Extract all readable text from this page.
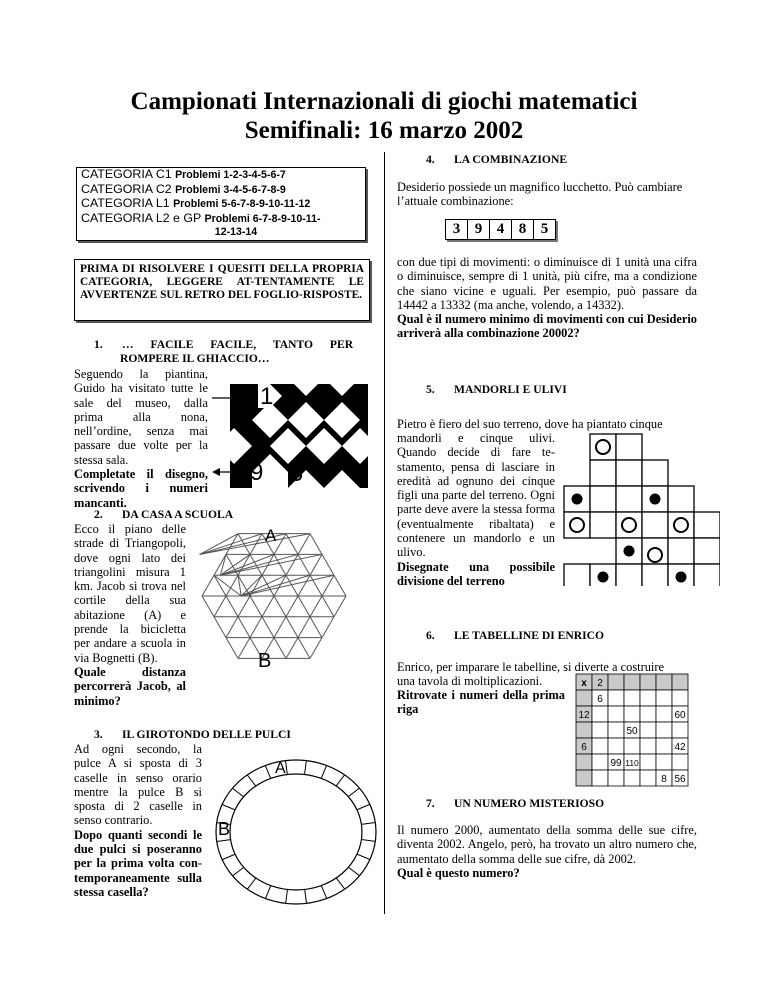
Campionati Internazionali di giochi matematici
Semifinali: 16 marzo 2002
CATEGORIA C1 Problemi 1-2-3-4-5-6-7
CATEGORIA C2 Problemi 3-4-5-6-7-8-9
CATEGORIA L1 Problemi 5-6-7-8-9-10-11-12
CATEGORIA L2 e GP Problemi 6-7-8-9-10-11-
12-13-14
PRIMA DI RISOLVERE I QUESITI DELLA PROPRIA CATEGORIA, LEGGERE AT-TENTAMENTE LE AVVERTENZE SUL RETRO DEL FOGLIO-RISPOSTE.
1. … FACILE FACILE, TANTO PER
ROMPERE IL GHIACCIO…

Seguendo la piantina, Guido ha visitato tutte le sale del museo, dalla prima alla nona, nell’ordine, senza mai passare due volte per la stessa sala.

Completate il disegno, scrivendo i numeri mancanti.

1
9 8
2. DA CASA A SCUOLA

Ecco il piano delle strade di Triangopoli, dove ogni lato dei triangolini misura 1 km. Jacob si trova nel cortile della sua abitazione (A) e prende la bicicletta per andare a scuola in via Bognetti (B).

Quale distanza percorrerà Jacob, al minimo?

A
B
3. IL GIROTONDO DELLE PULCI

Ad ogni secondo, la pulce A si sposta di 3 caselle in senso orario mentre la pulce B si sposta di 2 caselle in senso contrario.

Dopo quanti secondi le due pulci si poseranno per la prima volta con-temporaneamente sulla stessa casella?

A
B
4. LA COMBINAZIONE
Desiderio possiede un magnifico lucchetto. Può cambiare l’attuale combinazione:
3 9 4 8 5

con due tipi di movimenti: o diminuisce di 1 unità una cifra o diminuisce, sempre di 1 unità, più cifre, ma a condizione che siano vicine e uguali. Per esempio, può passare da 14442 a 13332 (ma anche, volendo, a 14332).

Qual è il numero minimo di movimenti con cui Desiderio arriverà alla combinazione 20002?

5. MANDORLI E ULIVI
Pietro è fiero del suo terreno, dove ha piantato cinque

mandorli e cinque ulivi. Quando decide di fare te-stamento, pensa di lasciare in eredità ad ognuno dei cinque figli una parte del terreno. Ogni parte deve avere la stessa forma (eventualmente ribaltata) e contenere un mandorlo e un ulivo.

Disegnate una possibile divisione del terreno

6. LE TABELLINE DI ENRICO
Enrico, per imparare le tabelline, si diverte a costruire
una tavola di moltiplicazioni.
Ritrovate i numeri della prima riga
x 2
6
12	60
50
6	42
99 110
8 56
7. UN NUMERO MISTERIOSO

Il numero 2000, aumentato della somma delle sue cifre, diventa 2002. Angelo, però, ha trovato un altro numero che, aumentato della somma delle sue cifre, dà 2002.

Qual è questo numero?
